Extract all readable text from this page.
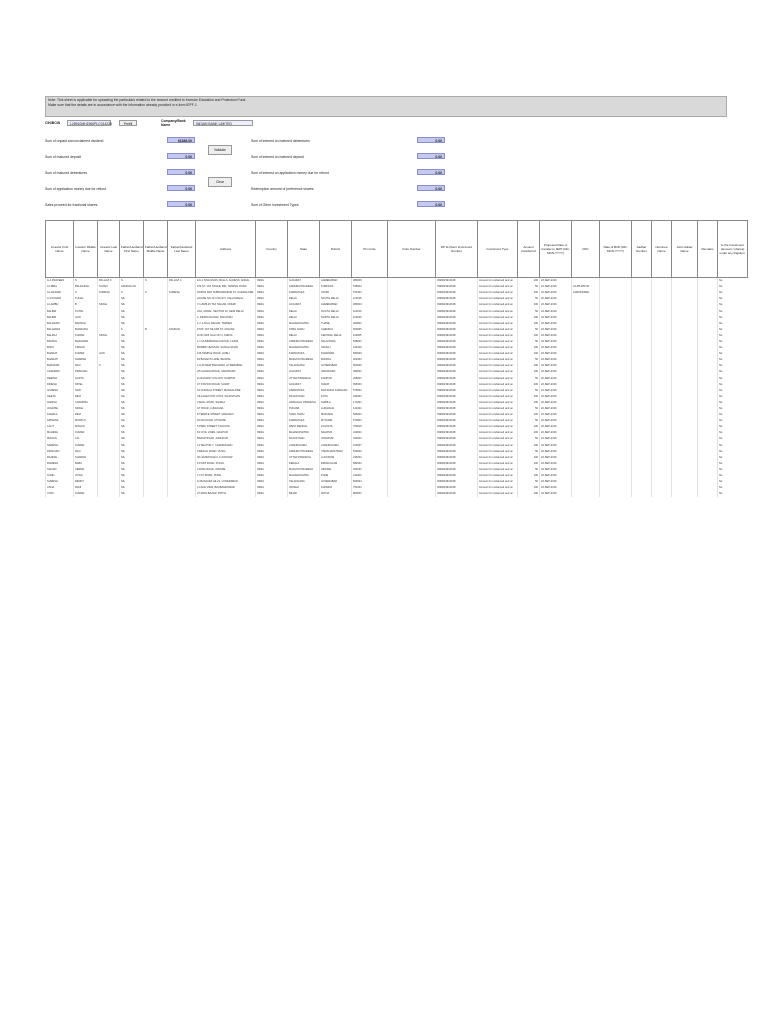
Note: This sheet is applicable for uploading the particulars related to the amount credited to Investor Education and Protection Fund.
Make sure that the details are in accordance with the information already provided in e-form IEPF-1
CIN/BCIN	L28910MH1960PLC014236	Prefill
Company/Bank Name	INDIAN BANK LIMITED
Sum of unpaid and unclaimed dividend	61846.00
Sum of matured deposit	0.00
Sum of matured debentures	0.00
Sum of application money due for refund	0.00
Sales proceed for fractional shares	0.00
Validate
Clear
Sum of interest on matured debentures	0.00
Sum of interest on matured deposit	0.00
Sum of interest on application money due for refund	0.00
Redemption amount of preference shares	0.00
Sum of Other Investment Types	0.00
Investor First Name	Investor Middle Name	Investor Last Name	Father/Husband First Name	Father/Husband Middle Name	Father/Husband Last Name	Address	Country	State	District	Pin Code	Folio Number	DP Id-Client Id-Account Number	Investment Type	Amount transferred	Proposed Date of transfer to IEPF (DD-MON-YYYY)	PAN	Date of Birth (DD-MON-YYYY)	Aadhar Number	Nominee Name	Joint Holder Name	Remarks	Is the Investment (amount / shares) under any litigation.
A.A.PRAVEEN	S	PALLAVI C	S	S	PALLAVI C	1/A-1 SIVA NIVAS, BULLS, AGNESS, ANNAL	INDIA	GUJARAT	AHMEDABAD	380009		IN30023910018	Amount for unclaimed and un	100	22-SEP-2016							No
A.LIBRA	BALIGUDAL	SUJAN	ADHIKALAN			#74 ST. 1ST STAGE, BIG, TEMPLE ROAD	INDIA	ANDHRA PRADESH	KURNOOL	518002		IN30023910018	Amount for unclaimed and un	50	22-SEP-2016	AAJPL9817M						No
A.LAKSHMI	S	SURESH	S	S	SURESH	NORTH PAR SUBRAMANIAM ST, CADDALORE	INDIA	KARNATAKA	UDUPI	576101		IN30023910018	Amount for unclaimed and un	100	22-SEP-2016	AJMPK2096G						No
A.V.KUMAR	TUHAL		NIL			HOUSE NO 16 COLONY, KALA MAHAL	INDIA	DELHI	SOUTH DELHI	110018		IN30023910018	Amount for unclaimed and un	50	22-SEP-2016							No
A.LAMBU	B	SINGH	NIL			7-1-84/B-16 TAX NAGAR, DOHRI	INDIA	GUJARAT	AHMEDABAD	380004		IN30023910018	Amount for unclaimed and un	100	22-SEP-2016							No
BALBIR	KUTRL		NIL			ANJ, ANNAL, SECTOR 16, NEW DELHI	INDIA	DELHI	SOUTH DELHI	110010		IN30023910018	Amount for unclaimed and un	50	22-SEP-2016							No
BALBIR	JAIN		NIL			4, INDIRA NAGAR, RANJODH	INDIA	DELHI	NORTH DELHI	110020		IN30023910018	Amount for unclaimed and un	100	22-SEP-2016							No
BALARAM	BADSALI		NIL			1-7-1 AKAL NAGAR, TARDEO	INDIA	MAHARASHTRA	THANE	400601		IN30023910018	Amount for unclaimed and un	100	22-SEP-2016							No
BALAMANI	BHARATHI		S	B	KANNAN	#7/AT 1ST NILGIRI ST, ANJANA	INDIA	TAMIL NADU	CHENNAI	600035		IN30023910018	Amount for unclaimed and un	50	22-SEP-2016							No
BALRAJ	KUMAR	SINGH	NIL			H.NO 94/5 GALI NO 3, KAROL	INDIA	DELHI	CENTRAL DELHI	110005		IN30023910018	Amount for unclaimed and un	100	22-SEP-2016							No
BANSAL	BHAGWAN		NIL			1-1 GUMMADIDALA ROAD, LAXMI	INDIA	ANDHRA PRADESH	NALGONDA	508001		IN30023910018	Amount for unclaimed and un	50	22-SEP-2016							No
BAPU	KISHAN		NIL			BOMBAY BAZAAR, SANGLI ROAD	INDIA	MAHARASHTRA	SANGLI	416416		IN30023910018	Amount for unclaimed and un	100	22-SEP-2016							No
BHARAT	KUMAR	JAIN	NIL			125 TEMPLE ROAD, HUBLI	INDIA	KARNATAKA	DHARWAD	580020		IN30023910018	Amount for unclaimed and un	100	22-SEP-2016							No
BHARATI	SHARMA		NIL			#4 BASANTI LANE, BHOPAL	INDIA	MADHYA PRADESH	BHOPAL	462001		IN30023910018	Amount for unclaimed and un	50	22-SEP-2016							No
BHASKAR	RAO	K	NIL			1-9-20 NEW BAKARAM, HYDERABAD	INDIA	TELANGANA	HYDERABAD	500020		IN30023910018	Amount for unclaimed and un	100	22-SEP-2016							No
CHANDRA	PRAKASH		NIL			2/5 GANDHI ROAD, VADODARA	INDIA	GUJARAT	VADODARA	390001		IN30023910018	Amount for unclaimed and un	100	22-SEP-2016							No
DEEPAK	GUPTA		NIL			11 RAILWAY COLONY, KANPUR	INDIA	UTTAR PRADESH	KANPUR	208001		IN30023910018	Amount for unclaimed and un	50	22-SEP-2016							No
DINESH	PATEL		NIL			47 STATION ROAD, SURAT	INDIA	GUJARAT	SURAT	395003		IN30023910018	Amount for unclaimed and un	100	22-SEP-2016							No
GANESH	NAIK		NIL			12 CHURCH STREET, MANGALORE	INDIA	KARNATAKA	DAKSHINA KANNADA	575001		IN30023910018	Amount for unclaimed and un	50	22-SEP-2016							No
GEETA	DEVI		NIL			VILLAGE POST KOTA, RAJASTHAN	INDIA	RAJASTHAN	KOTA	324001		IN30023910018	Amount for unclaimed and un	100	22-SEP-2016							No
HARISH	CHANDRA		NIL			3 MALL ROAD, SHIMLA	INDIA	HIMACHAL PRADESH	SHIMLA	171001		IN30023910018	Amount for unclaimed and un	100	22-SEP-2016							No
JAGDISH	SINGH		NIL			GT ROAD, LUDHIANA	INDIA	PUNJAB	LUDHIANA	141001		IN30023910018	Amount for unclaimed and un	50	22-SEP-2016							No
KAMALA	DEVI		NIL			8 TEMPLE STREET, MADURAI	INDIA	TAMIL NADU	MADURAI	625001		IN30023910018	Amount for unclaimed and un	100	22-SEP-2016							No
KRISHNA	MURTHY		NIL			22 MG ROAD, MYSORE	INDIA	KARNATAKA	MYSORE	570001		IN30023910018	Amount for unclaimed and un	50	22-SEP-2016							No
LALIT	MOHAN		NIL			5 PARK STREET, KOLKATA	INDIA	WEST BENGAL	KOLKATA	700016		IN30023910018	Amount for unclaimed and un	100	22-SEP-2016							No
MAHESH	KUMAR		NIL			19 CIVIL LINES, NAGPUR	INDIA	MAHARASHTRA	NAGPUR	440001		IN30023910018	Amount for unclaimed and un	100	22-SEP-2016							No
MOHAN	LAL		NIL			BAZAR ROAD, JODHPUR	INDIA	RAJASTHAN	JODHPUR	342001		IN30023910018	Amount for unclaimed and un	50	22-SEP-2016							No
NARESH	KUMAR		NIL			14 SECTOR 7, CHANDIGARH	INDIA	CHANDIGARH	CHANDIGARH	160007		IN30023910018	Amount for unclaimed and un	100	22-SEP-2016							No
PRAKASH	RAO		NIL			9 BEACH ROAD, VIZAG	INDIA	ANDHRA PRADESH	VISAKHAPATNAM	530002		IN30023910018	Amount for unclaimed and un	50	22-SEP-2016							No
RAJESH	SHARMA		NIL			30 HAZRATGANJ, LUCKNOW	INDIA	UTTAR PRADESH	LUCKNOW	226001		IN30023910018	Amount for unclaimed and un	100	22-SEP-2016							No
RAMESH	BABU		NIL			6 FORT ROAD, KOCHI	INDIA	KERALA	ERNAKULAM	682001		IN30023910018	Amount for unclaimed and un	100	22-SEP-2016							No
SANJAY	VERMA		NIL			2 RING ROAD, INDORE	INDIA	MADHYA PRADESH	INDORE	452001		IN30023910018	Amount for unclaimed and un	50	22-SEP-2016							No
SUNIL	JOSHI		NIL			17 FC ROAD, PUNE	INDIA	MAHARASHTRA	PUNE	411004		IN30023910018	Amount for unclaimed and un	100	22-SEP-2016							No
SURESH	REDDY		NIL			11 BANJARA HILLS, HYDERABAD	INDIA	TELANGANA	HYDERABAD	500034		IN30023910018	Amount for unclaimed and un	50	22-SEP-2016							No
USHA	RANI		NIL			4 LAKE VIEW, BHUBANESWAR	INDIA	ODISHA	KHORDA	751001		IN30023910018	Amount for unclaimed and un	100	22-SEP-2016							No
VIJAY	KUMAR		NIL			27 MAIN BAZAR, PATNA	INDIA	BIHAR	PATNA	800001		IN30023910018	Amount for unclaimed and un	100	22-SEP-2016							No
